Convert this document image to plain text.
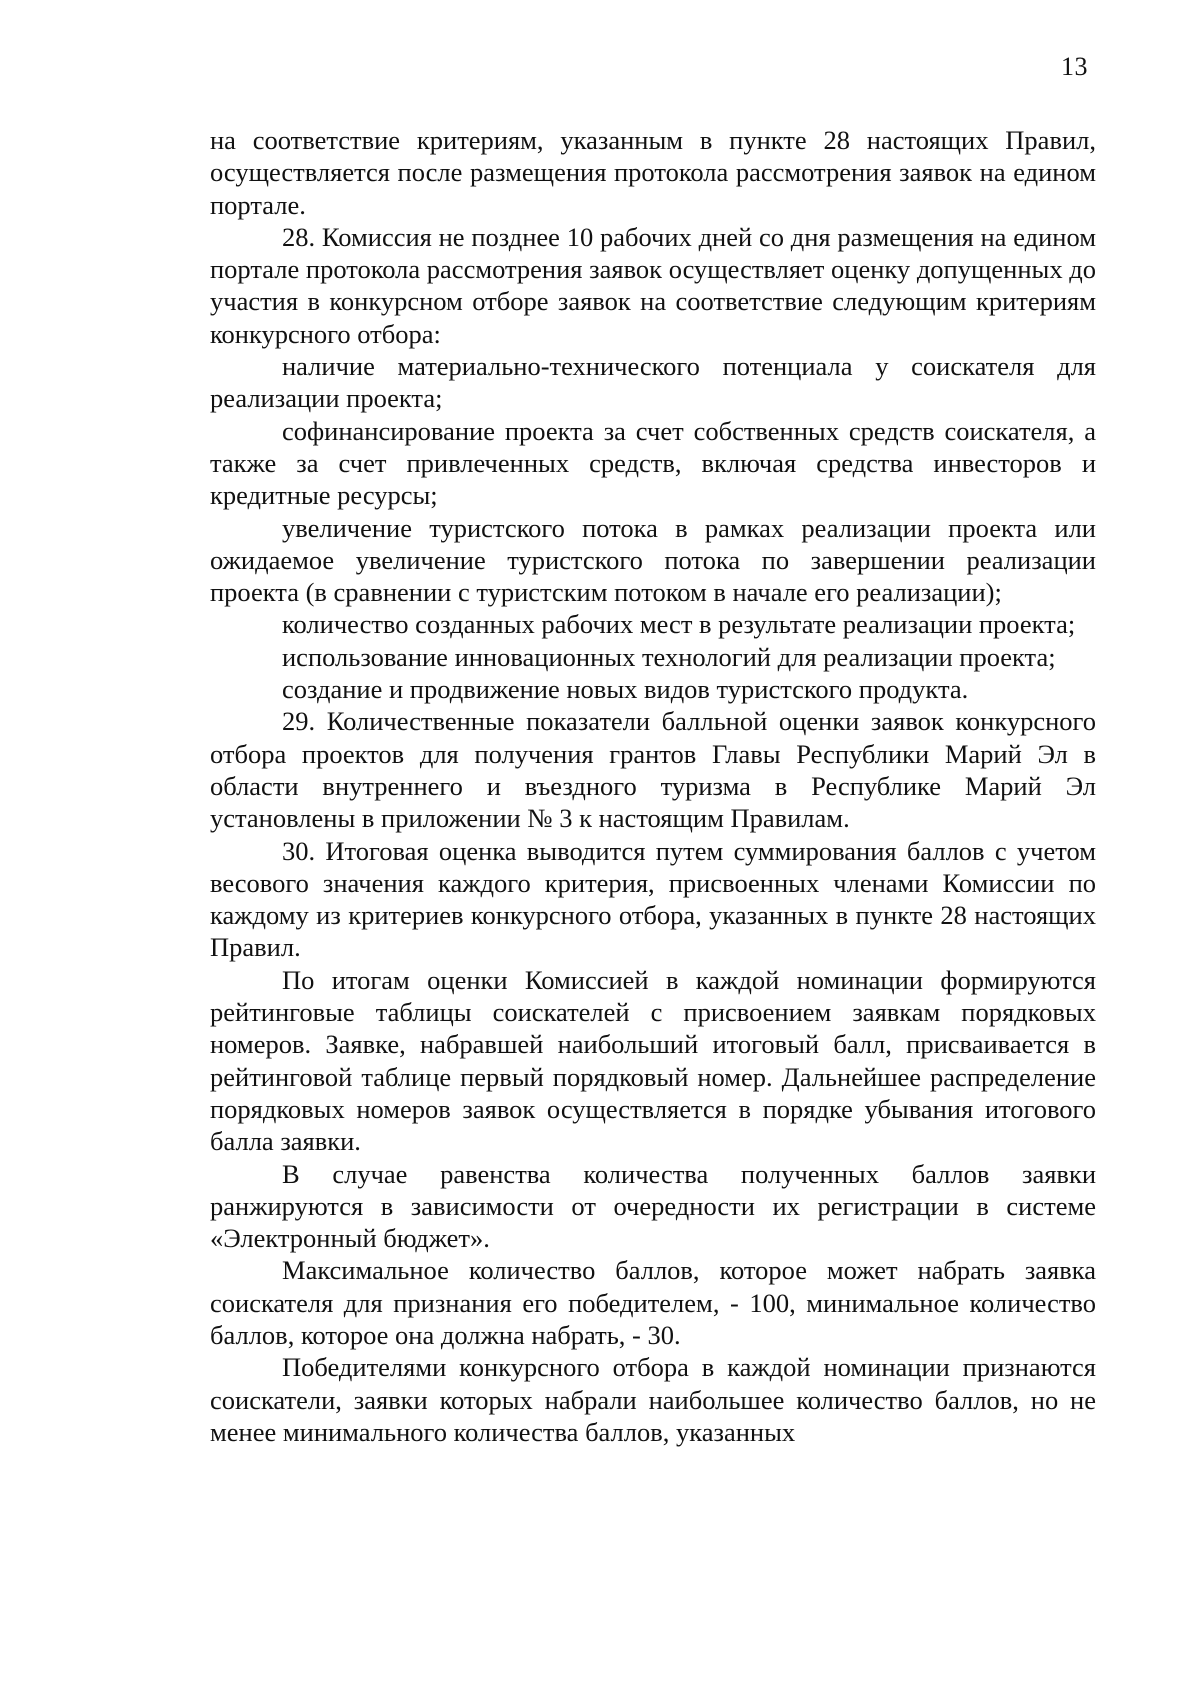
13

на соответствие критериям, указанным в пункте 28 настоящих Правил, осуществляется после размещения протокола рассмотрения заявок на едином портале.

28. Комиссия не позднее 10 рабочих дней со дня размещения на едином портале протокола рассмотрения заявок осуществляет оценку допущенных до участия в конкурсном отборе заявок на соответствие следующим критериям конкурсного отбора:

наличие материально-технического потенциала у соискателя для реализации проекта;

софинансирование проекта за счет собственных средств соискателя, а также за счет привлеченных средств, включая средства инвесторов и кредитные ресурсы;

увеличение туристского потока в рамках реализации проекта или ожидаемое увеличение туристского потока по завершении реализации проекта (в сравнении с туристским потоком в начале его реализации);

количество созданных рабочих мест в результате реализации проекта;

использование инновационных технологий для реализации проекта;

создание и продвижение новых видов туристского продукта.

29. Количественные показатели балльной оценки заявок конкурсного отбора проектов для получения грантов Главы Республики Марий Эл в области внутреннего и въездного туризма в Республике Марий Эл установлены в приложении № 3 к настоящим Правилам.

30. Итоговая оценка выводится путем суммирования баллов с учетом весового значения каждого критерия, присвоенных членами Комиссии по каждому из критериев конкурсного отбора, указанных в пункте 28 настоящих Правил.

По итогам оценки Комиссией в каждой номинации формируются рейтинговые таблицы соискателей с присвоением заявкам порядковых номеров. Заявке, набравшей наибольший итоговый балл, присваивается в рейтинговой таблице первый порядковый номер. Дальнейшее распределение порядковых номеров заявок осуществляется в порядке убывания итогового балла заявки.

В случае равенства количества полученных баллов заявки ранжируются в зависимости от очередности их регистрации в системе «Электронный бюджет».

Максимальное количество баллов, которое может набрать заявка соискателя для признания его победителем, - 100, минимальное количество баллов, которое она должна набрать, - 30.

Победителями конкурсного отбора в каждой номинации признаются соискатели, заявки которых набрали наибольшее количество баллов, но не менее минимального количества баллов, указанных
